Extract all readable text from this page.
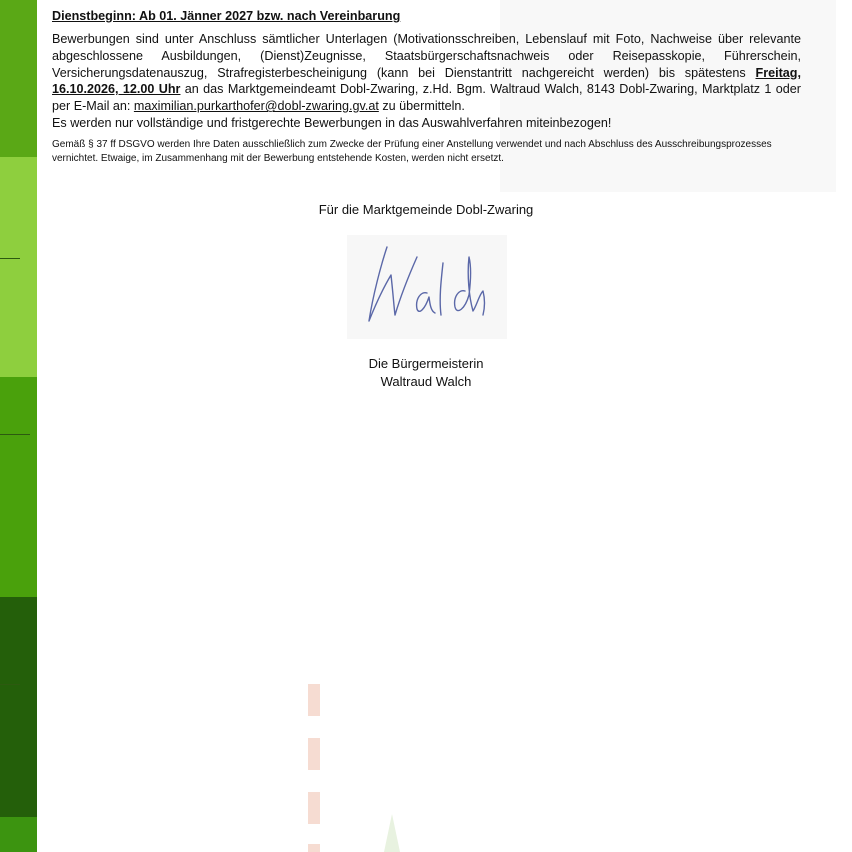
Dienstbeginn: Ab 01. Jänner 2027 bzw. nach Vereinbarung

Bewerbungen sind unter Anschluss sämtlicher Unterlagen (Motivationsschreiben, Lebenslauf mit Foto, Nachweise über relevante abgeschlossene Ausbildungen, (Dienst)Zeugnisse, Staatsbürgerschaftsnachweis oder Reisepasskopie, Führerschein, Versicherungsdatenauszug, Strafregisterbescheinigung (kann bei Dienstantritt nachgereicht werden) bis spätestens Freitag, 16.10.2026, 12.00 Uhr an das Marktgemeindeamt Dobl-Zwaring, z.Hd. Bgm. Waltraud Walch, 8143 Dobl-Zwaring, Marktplatz 1 oder per E-Mail an: maximilian.purkarthofer@dobl-zwaring.gv.at zu übermitteln.

Es werden nur vollständige und fristgerechte Bewerbungen in das Auswahlverfahren miteinbezogen!

Gemäß § 37 ff DSGVO werden Ihre Daten ausschließlich zum Zwecke der Prüfung einer Anstellung verwendet und nach Abschluss des Ausschreibungsprozesses vernichtet. Etwaige, im Zusammenhang mit der Bewerbung entstehende Kosten, werden nicht ersetzt.

Für die Marktgemeinde Dobl-Zwaring
Die Bürgermeisterin
Waltraud Walch
